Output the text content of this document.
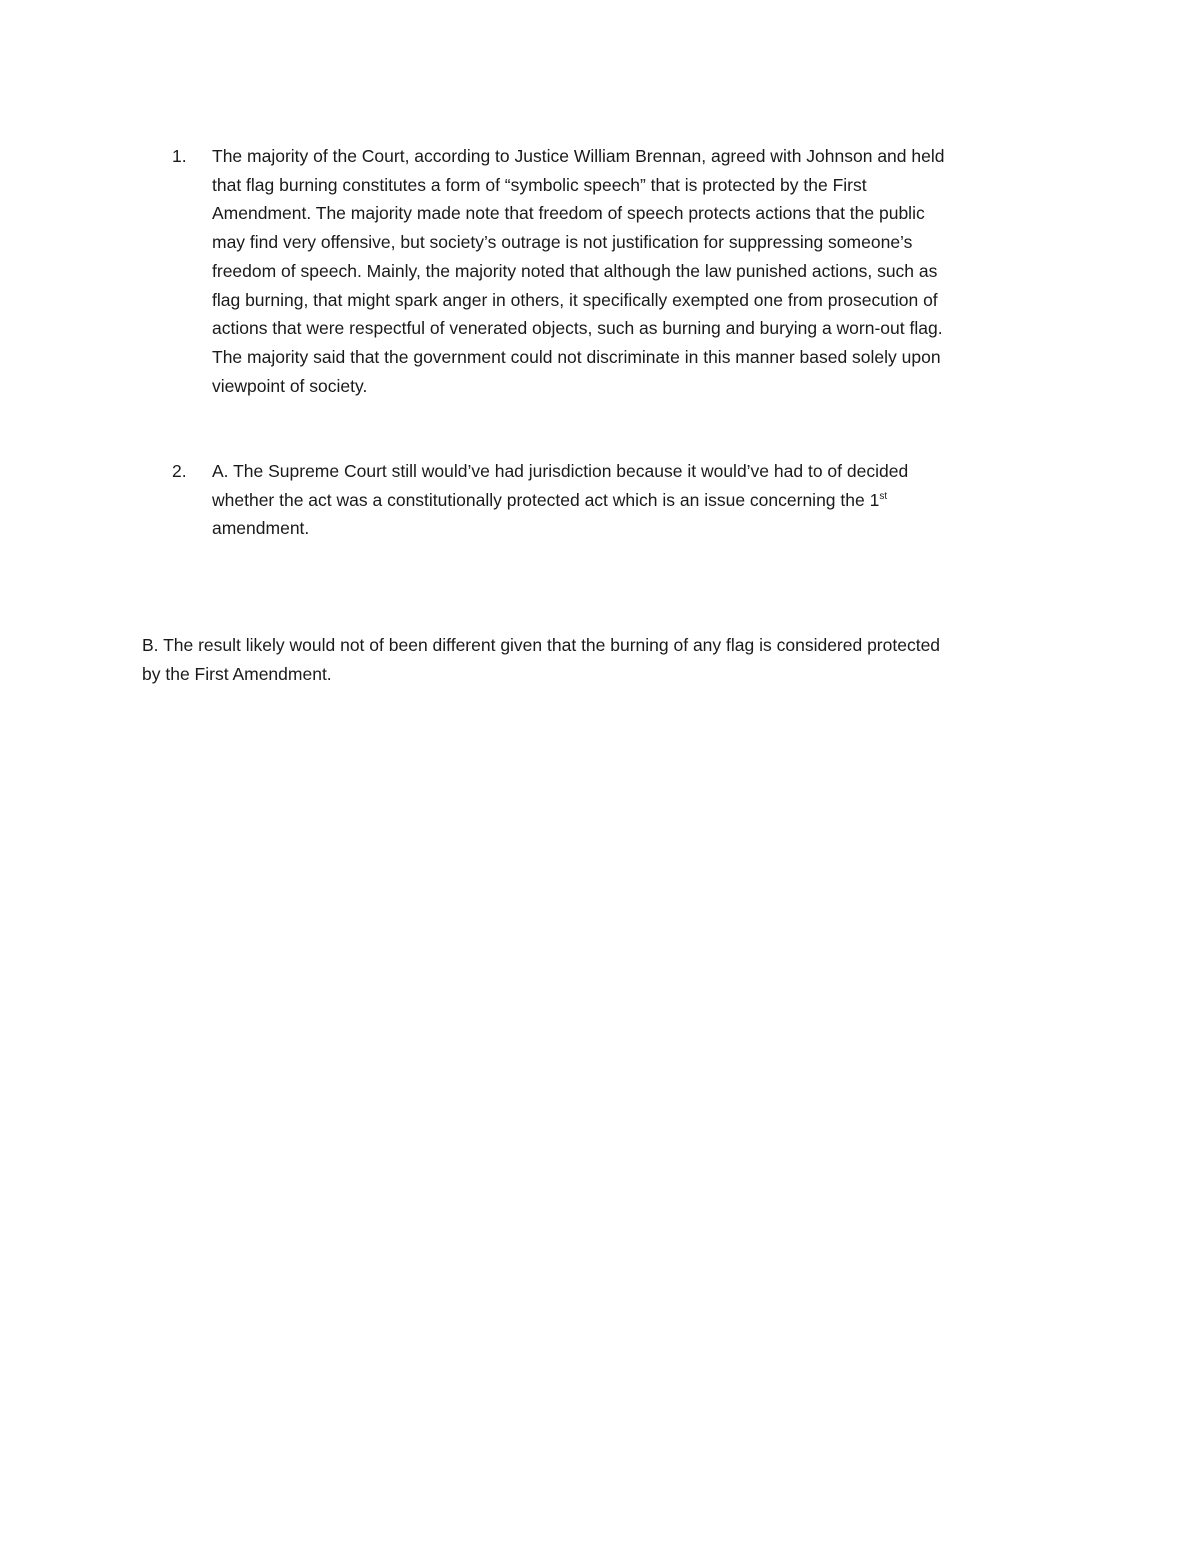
1. The majority of the Court, according to Justice William Brennan, agreed with Johnson and held
that flag burning constitutes a form of “symbolic speech” that is protected by the First
Amendment. The majority made note that freedom of speech protects actions that the public
may find very offensive, but society’s outrage is not justification for suppressing someone’s
freedom of speech. Mainly, the majority noted that although the law punished actions, such as
flag burning, that might spark anger in others, it specifically exempted one from prosecution of
actions that were respectful of venerated objects, such as burning and burying a worn-out flag.
The majority said that the government could not discriminate in this manner based solely upon
viewpoint of society.

2. A. The Supreme Court still would’ve had jurisdiction because it would’ve had to of decided
whether the act was a constitutionally protected act which is an issue concerning the 1st
amendment.

B. The result likely would not of been different given that the burning of any flag is considered protected
by the First Amendment.
